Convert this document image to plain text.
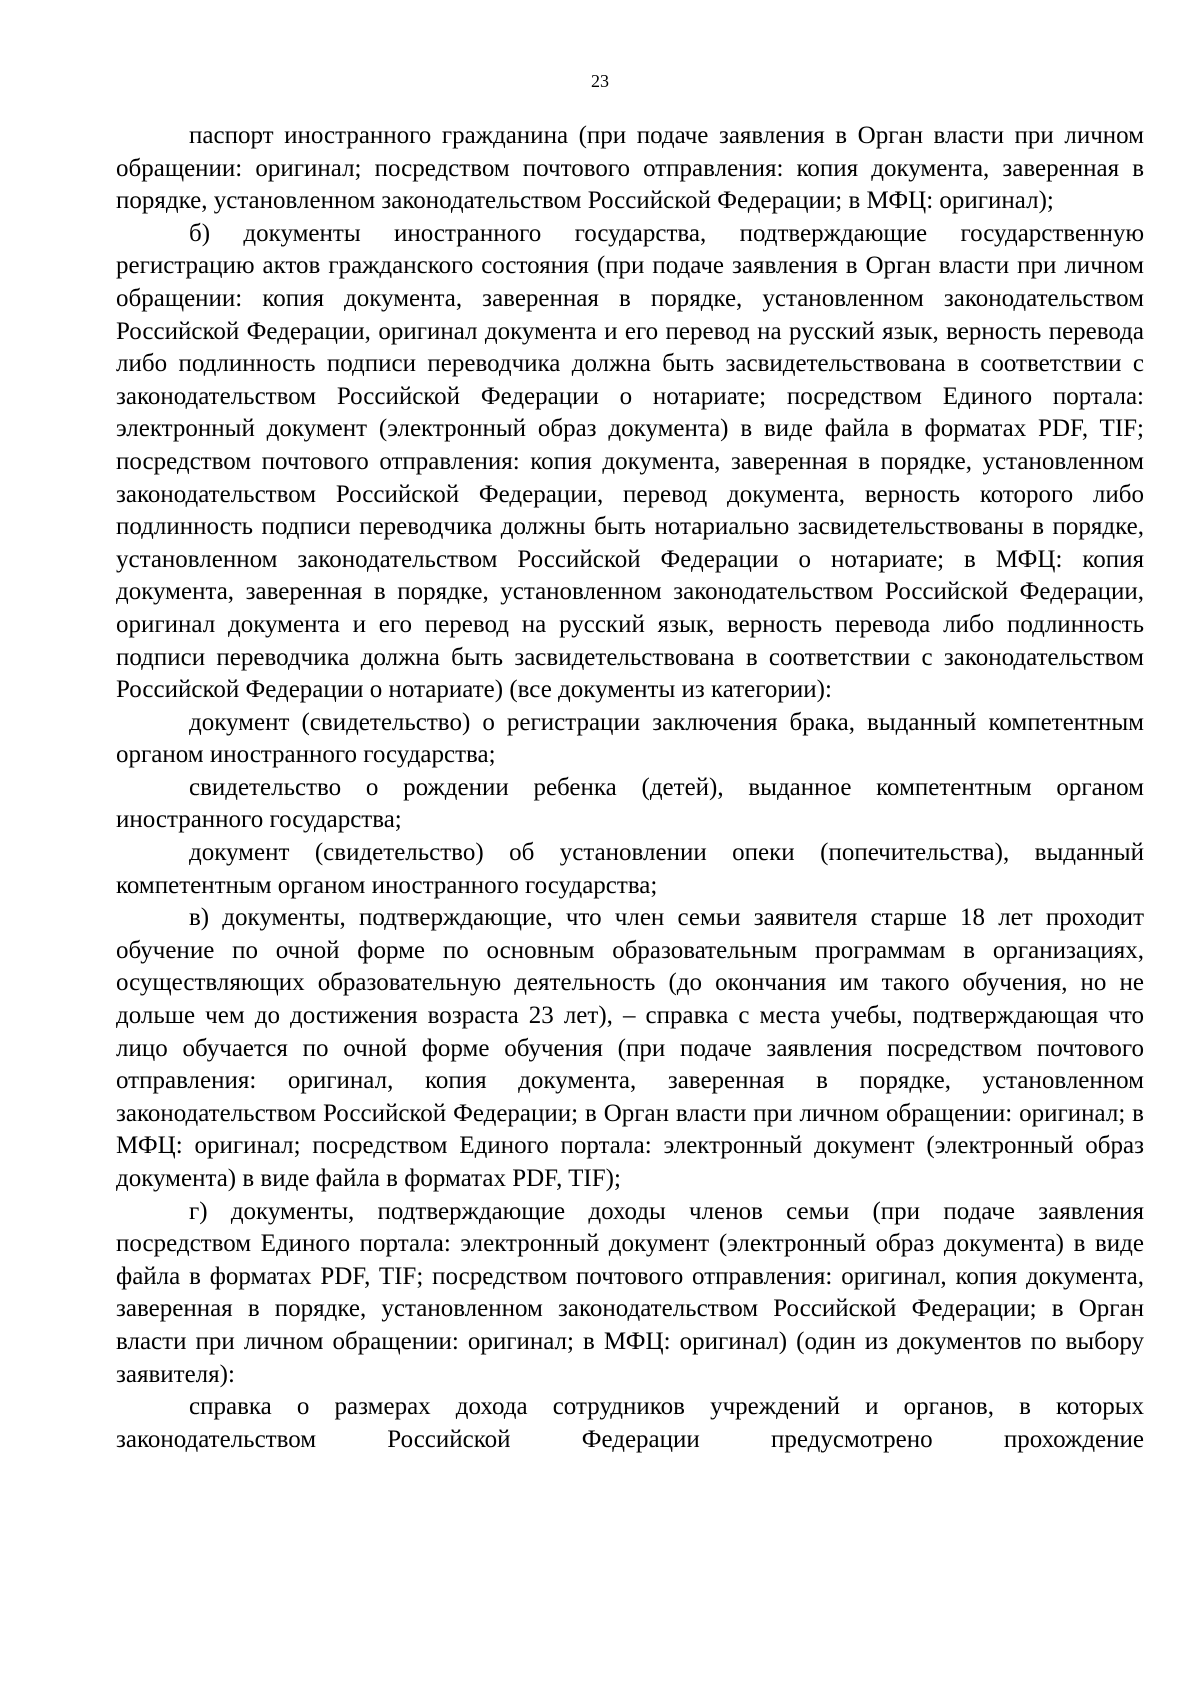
23

паспорт иностранного гражданина (при подаче заявления в Орган власти при личном обращении: оригинал; посредством почтового отправления: копия документа, заверенная в порядке, установленном законодательством Российской Федерации; в МФЦ: оригинал);

б) документы иностранного государства, подтверждающие государственную регистрацию актов гражданского состояния (при подаче заявления в Орган власти при личном обращении: копия документа, заверенная в порядке, установленном законодательством Российской Федерации, оригинал документа и его перевод на русский язык, верность перевода либо подлинность подписи переводчика должна быть засвидетельствована в соответствии с законодательством Российской Федерации о нотариате; посредством Единого портала: электронный документ (электронный образ документа) в виде файла в форматах PDF, TIF; посредством почтового отправления: копия документа, заверенная в порядке, установленном законодательством Российской Федерации, перевод документа, верность которого либо подлинность подписи переводчика должны быть нотариально засвидетельствованы в порядке, установленном законодательством Российской Федерации о нотариате; в МФЦ: копия документа, заверенная в порядке, установленном законодательством Российской Федерации, оригинал документа и его перевод на русский язык, верность перевода либо подлинность подписи переводчика должна быть засвидетельствована в соответствии с законодательством Российской Федерации о нотариате) (все документы из категории):

документ (свидетельство) о регистрации заключения брака, выданный компетентным органом иностранного государства;

свидетельство о рождении ребенка (детей), выданное компетентным органом иностранного государства;

документ (свидетельство) об установлении опеки (попечительства), выданный компетентным органом иностранного государства;

в) документы, подтверждающие, что член семьи заявителя старше 18 лет проходит обучение по очной форме по основным образовательным программам в организациях, осуществляющих образовательную деятельность (до окончания им такого обучения, но не дольше чем до достижения возраста 23 лет), – справка с места учебы, подтверждающая что лицо обучается по очной форме обучения (при подаче заявления посредством почтового отправления: оригинал, копия документа, заверенная в порядке, установленном законодательством Российской Федерации; в Орган власти при личном обращении: оригинал; в МФЦ: оригинал; посредством Единого портала: электронный документ (электронный образ документа) в виде файла в форматах PDF, TIF);

г) документы, подтверждающие доходы членов семьи (при подаче заявления посредством Единого портала: электронный документ (электронный образ документа) в виде файла в форматах PDF, TIF; посредством почтового отправления: оригинал, копия документа, заверенная в порядке, установленном законодательством Российской Федерации; в Орган власти при личном обращении: оригинал; в МФЦ: оригинал) (один из документов по выбору заявителя):

справка о размерах дохода сотрудников учреждений и органов, в которых законодательством Российской Федерации предусмотрено прохождение
